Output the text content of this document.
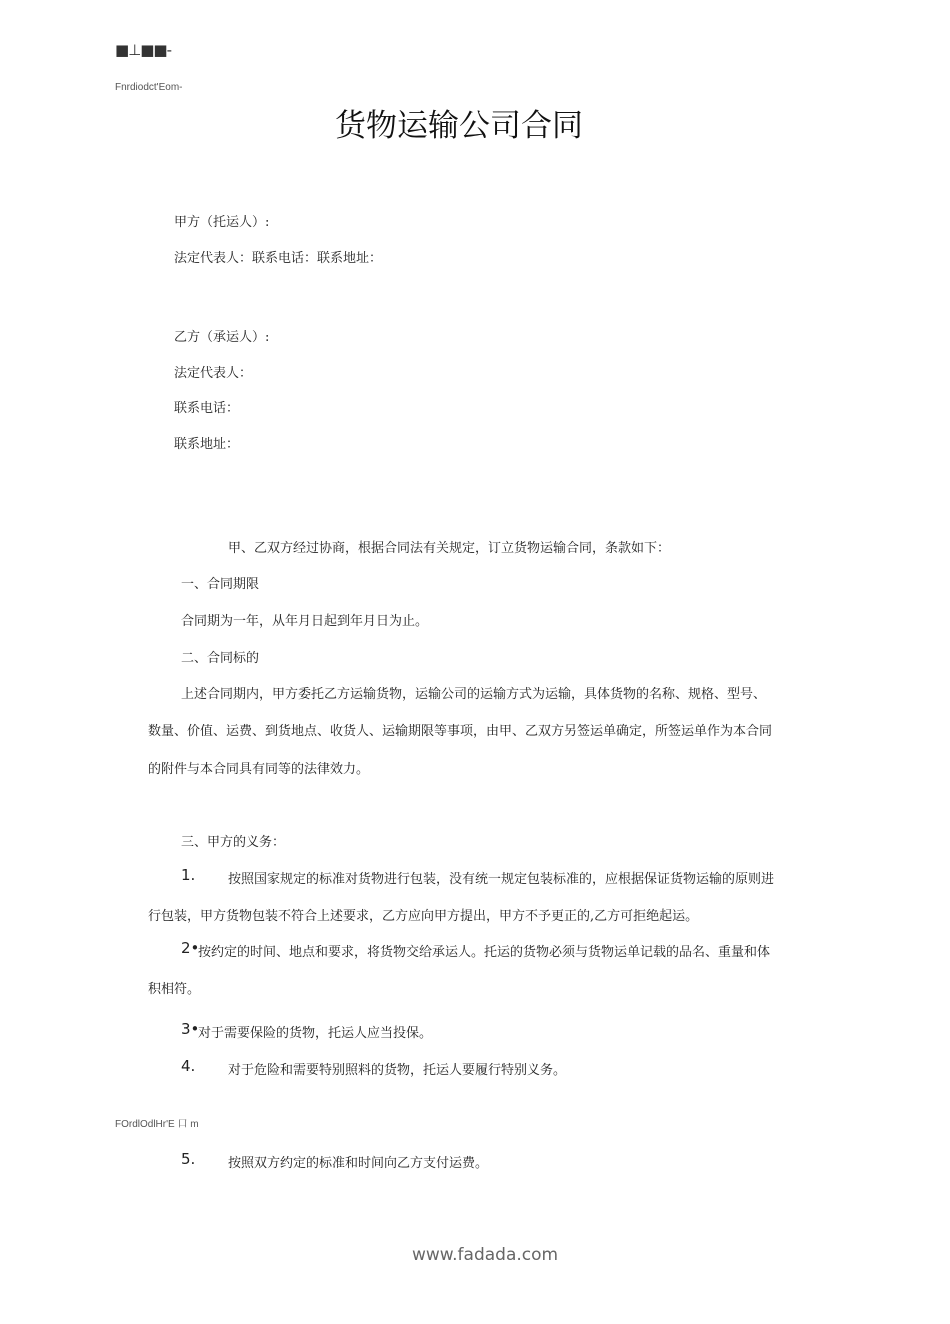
■⊥■■-
Fnrdiodct'Eom-
货物运输公司合同
甲方（托运人）:
法定代表人：联系电话：联系地址：
乙方（承运人）:
法定代表人：
联系电话：
联系地址：
甲、乙双方经过协商，根据合同法有关规定，订立货物运输合同，条款如下：
一、合同期限
合同期为一年，从年月日起到年月日为止。
二、合同标的
上述合同期内，甲方委托乙方运输货物，运输公司的运输方式为运输，具体货物的名称、规格、型号、
数量、价值、运费、到货地点、收货人、运输期限等事项，由甲、乙双方另签运单确定，所签运单作为本合同
的附件与本合同具有同等的法律效力。
三、甲方的义务：
1.	按照国家规定的标准对货物进行包装，没有统一规定包装标准的，应根据保证货物运输的原则进
行包装，甲方货物包装不符合上述要求，乙方应向甲方提出，甲方不予更正的,乙方可拒绝起运。
2•
按约定的时间、地点和要求，将货物交给承运人。托运的货物必须与货物运单记载的品名、重量和体
积相符。
3•
对于需要保险的货物，托运人应当投保。
4.	对于危险和需要特别照料的货物，托运人要履行特别义务。
FOrdlOdlHr'E 口 m
5.	按照双方约定的标准和时间向乙方支付运费。
www.fadada.com
